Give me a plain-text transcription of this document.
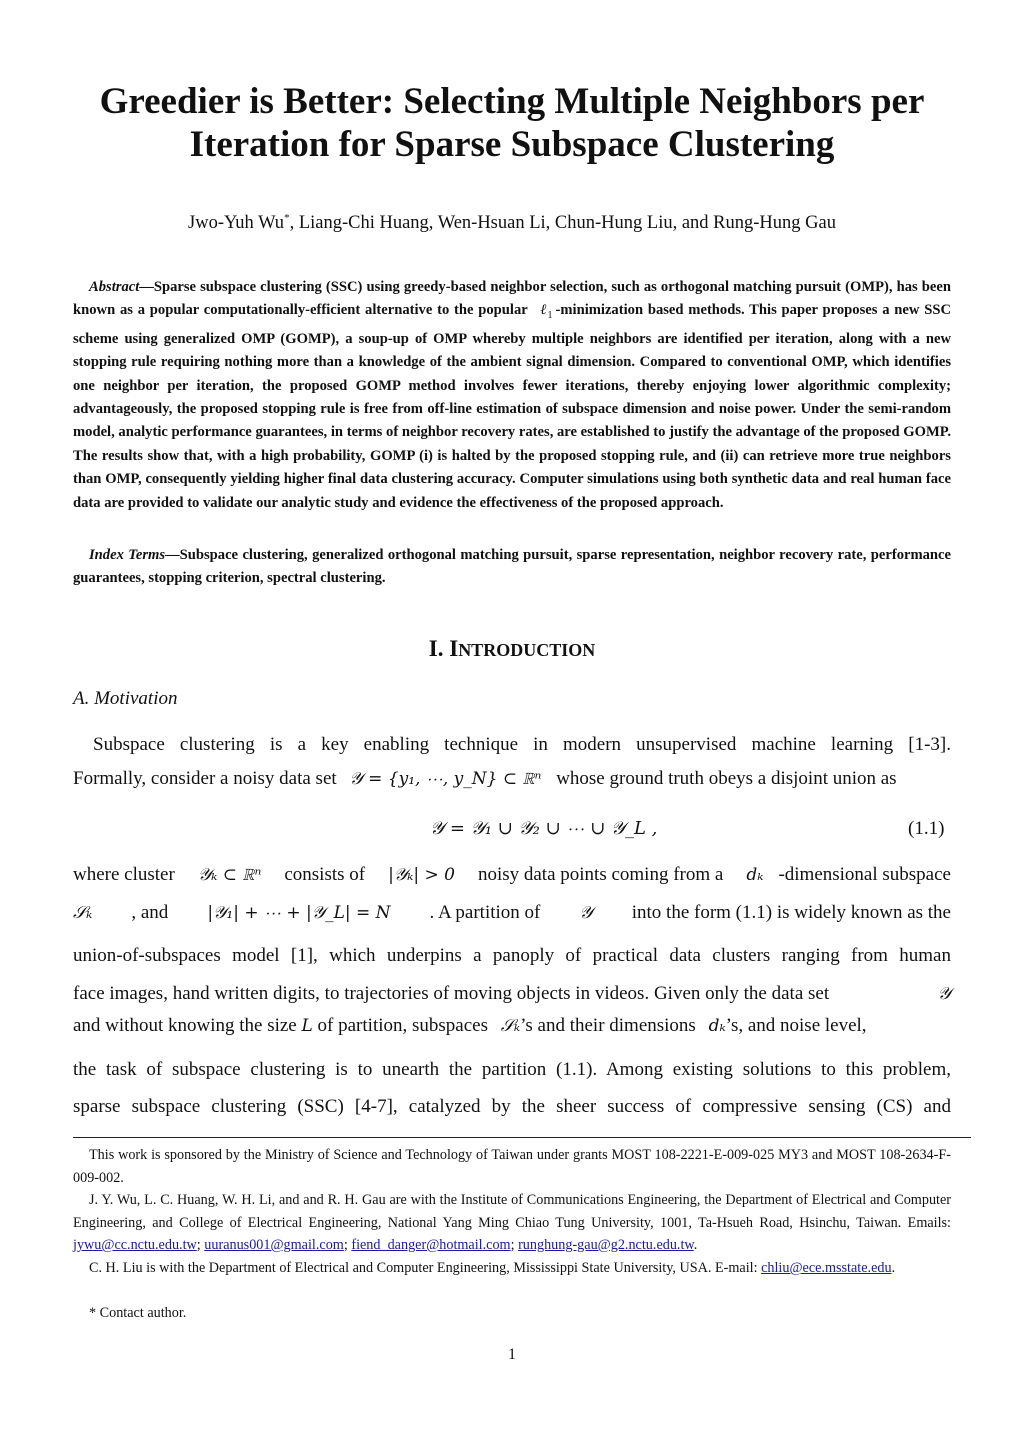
Greedier is Better: Selecting Multiple Neighbors per
Iteration for Sparse Subspace Clustering
Jwo-Yuh Wu*, Liang-Chi Huang, Wen-Hsuan Li, Chun-Hung Liu, and Rung-Hung Gau
Abstract—Sparse subspace clustering (SSC) using greedy-based neighbor selection, such as orthogonal matching pursuit (OMP), has been known as a popular computationally-efficient alternative to the popular ℓ$_1$ -minimization based methods. This paper proposes a new SSC scheme using generalized OMP (GOMP), a soup-up of OMP whereby multiple neighbors are identified per iteration, along with a new stopping rule requiring nothing more than a knowledge of the ambient signal dimension. Compared to conventional OMP, which identifies one neighbor per iteration, the proposed GOMP method involves fewer iterations, thereby enjoying lower algorithmic complexity; advantageously, the proposed stopping rule is free from off-line estimation of subspace dimension and noise power. Under the semi-random model, analytic performance guarantees, in terms of neighbor recovery rates, are established to justify the advantage of the proposed GOMP. The results show that, with a high probability, GOMP (i) is halted by the proposed stopping rule, and (ii) can retrieve more true neighbors than OMP, consequently yielding higher final data clustering accuracy. Computer simulations using both synthetic data and real human face data are provided to validate our analytic study and evidence the effectiveness of the proposed approach.
Index Terms—Subspace clustering, generalized orthogonal matching pursuit, sparse representation, neighbor recovery rate, performance guarantees, stopping criterion, spectral clustering.
I. INTRODUCTION
A. Motivation
Subspace clustering is a key enabling technique in modern unsupervised machine learning [1-3].
Formally, consider a noisy data set 𝒴 = {y₁, ⋯, y_N} ⊂ ℝⁿ whose ground truth obeys a disjoint union as
𝒴 = 𝒴₁ ∪ 𝒴₂ ∪ ⋯ ∪ 𝒴_L ,	(1.1)
where cluster 𝒴ₖ ⊂ ℝⁿ consists of |𝒴ₖ| > 0 noisy data points coming from a dₖ -dimensional subspace
𝒮ₖ , and |𝒴₁| + ⋯ + |𝒴_L| = N . A partition of 𝒴 into the form (1.1) is widely known as the
union-of-subspaces model [1], which underpins a panoply of practical data clusters ranging from human
face images, hand written digits, to trajectories of moving objects in videos. Given only the data set	𝒴
and without knowing the size L of partition, subspaces 𝒮ₖ’s and their dimensions dₖ’s, and noise level,
the task of subspace clustering is to unearth the partition (1.1). Among existing solutions to this problem,
sparse subspace clustering (SSC) [4-7], catalyzed by the sheer success of compressive sensing (CS) and
This work is sponsored by the Ministry of Science and Technology of Taiwan under grants MOST 108-2221-E-009-025 MY3 and MOST 108-2634-F-009-002.
J. Y. Wu, L. C. Huang, W. H. Li, and and R. H. Gau are with the Institute of Communications Engineering, the Department of Electrical and Computer Engineering, and College of Electrical Engineering, National Yang Ming Chiao Tung University, 1001, Ta-Hsueh Road, Hsinchu, Taiwan. Emails: jywu@cc.nctu.edu.tw; uuranus001@gmail.com; fiend_danger@hotmail.com; runghung-gau@g2.nctu.edu.tw.
C. H. Liu is with the Department of Electrical and Computer Engineering, Mississippi State University, USA. E-mail: chliu@ece.msstate.edu.
* Contact author.
1
